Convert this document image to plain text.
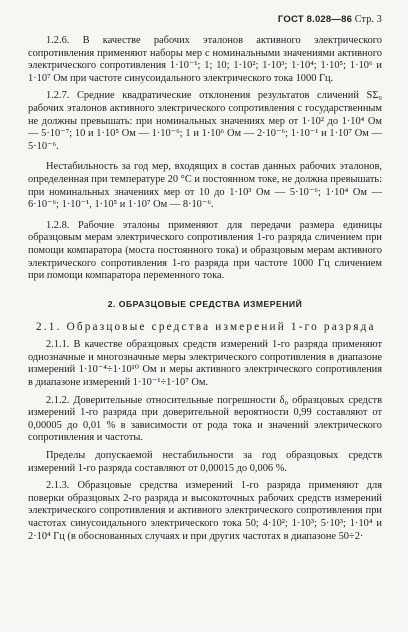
ГОСТ 8.028—86 Стр. 3

1.2.6. В качестве рабочих эталонов активного электрического сопротивления применяют наборы мер с номинальными значениями активного электрического сопротивления 1·10⁻¹; 1; 10; 1·10²; 1·10³; 1·10⁴; 1·10⁵; 1·10⁶ и 1·10⁷ Ом при частоте синусоидального электрического тока 1000 Гц.

1.2.7. Средние квадратические отклонения результатов сличений SΣ₀ рабочих эталонов активного электрического сопротивления с государственным не должны превышать: при номинальных значениях мер от 1·10² до 1·10⁴ Ом — 5·10⁻⁷; 10 и 1·10⁵ Ом — 1·10⁻⁶; 1 и 1·10⁶ Ом — 2·10⁻⁶; 1·10⁻¹ и 1·10⁷ Ом — 5·10⁻⁶.

Нестабильность за год мер, входящих в состав данных рабочих эталонов, определенная при температуре 20 °С и постоянном токе, не должна превышать: при номинальных значениях мер от 10 до 1·10³ Ом — 5·10⁻⁶; 1·10⁴ Ом — 6·10⁻⁶; 1·10⁻¹, 1·10⁵ и 1·10⁷ Ом — 8·10⁻⁶.

1.2.8. Рабочие эталоны применяют для передачи размера единицы образцовым мерам электрического сопротивления 1-го разряда сличением при помощи компаратора (моста постоянного тока) и образцовым мерам активного электрического сопротивления 1-го разряда при частоте 1000 Гц сличением при помощи компаратора переменного тока.

2. ОБРАЗЦОВЫЕ СРЕДСТВА ИЗМЕРЕНИЙ

2.1. Образцовые средства измерений 1-го разряда

2.1.1. В качестве образцовых средств измерений 1-го разряда применяют однозначные и многозначные меры электрического сопротивления в диапазоне измерений 1·10⁻⁴÷1·10¹⁰ Ом и меры активного электрического сопротивления в диапазоне измерений 1·10⁻¹÷1·10⁷ Ом.

2.1.2. Доверительные относительные погрешности δ₀ образцовых средств измерений 1-го разряда при доверительной вероятности 0,99 составляют от 0,00005 до 0,01 % в зависимости от рода тока и значений электрического сопротивления и частоты.

Пределы допускаемой нестабильности за год образцовых средств измерений 1-го разряда составляют от 0,00015 до 0,006 %.

2.1.3. Образцовые средства измерений 1-го разряда применяют для поверки образцовых 2-го разряда и высокоточных рабочих средств измерений электрического сопротивления и активного электрического сопротивления при частотах синусоидального электрического тока 50; 4·10²; 1·10³; 5·10³; 1·10⁴ и 2·10⁴ Гц (в обоснованных случаях и при других частотах в диапазоне 50÷2·
